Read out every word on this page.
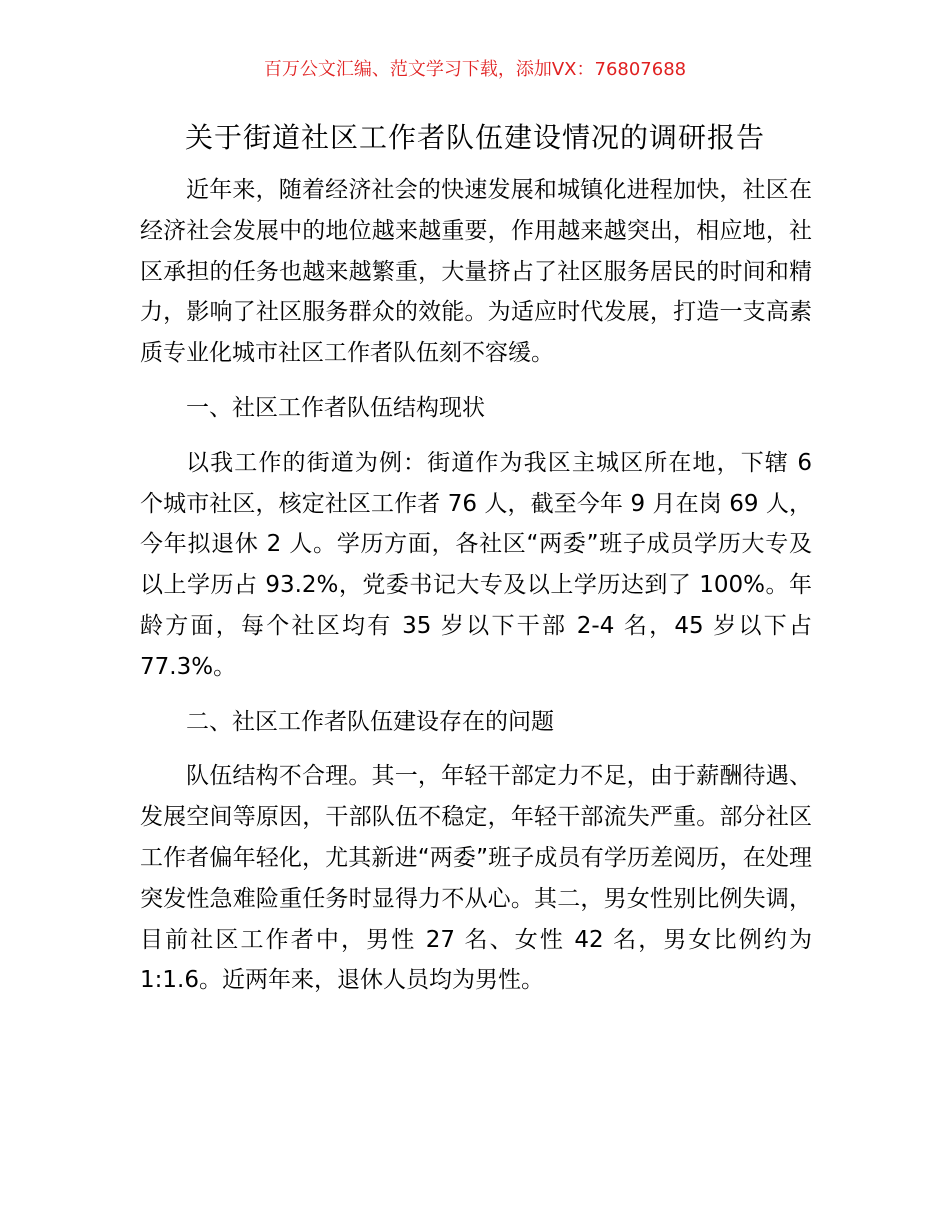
百万公文汇编、范文学习下载，添加VX：76807688
关于街道社区工作者队伍建设情况的调研报告

近年来，随着经济社会的快速发展和城镇化进程加快，社区在经济社会发展中的地位越来越重要，作用越来越突出，相应地，社区承担的任务也越来越繁重，大量挤占了社区服务居民的时间和精力，影响了社区服务群众的效能。为适应时代发展，打造一支高素质专业化城市社区工作者队伍刻不容缓。

一、社区工作者队伍结构现状

以我工作的街道为例：街道作为我区主城区所在地，下辖 6 个城市社区，核定社区工作者 76 人，截至今年 9 月在岗 69 人，今年拟退休 2 人。学历方面，各社区“两委”班子成员学历大专及以上学历占 93.2%，党委书记大专及以上学历达到了 100%。年龄方面，每个社区均有 35 岁以下干部 2-4 名，45 岁以下占 77.3%。

二、社区工作者队伍建设存在的问题

队伍结构不合理。其一，年轻干部定力不足，由于薪酬待遇、发展空间等原因，干部队伍不稳定，年轻干部流失严重。部分社区工作者偏年轻化，尤其新进“两委”班子成员有学历差阅历，在处理突发性急难险重任务时显得力不从心。其二，男女性别比例失调，目前社区工作者中，男性 27 名、女性 42 名，男女比例约为 1:1.6。近两年来，退休人员均为男性。
